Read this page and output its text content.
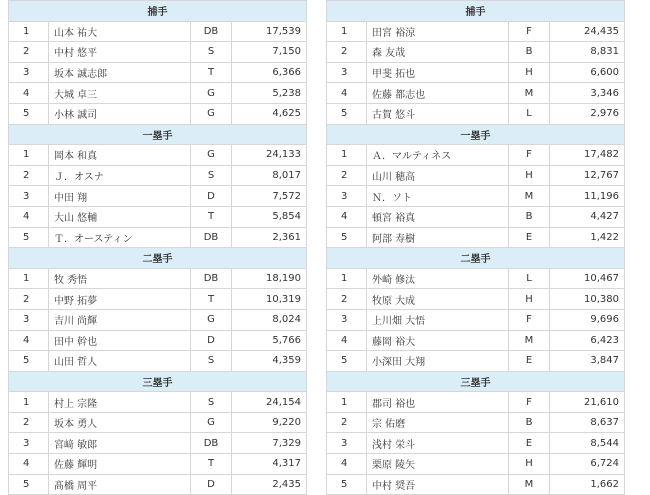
捕手			
1	山本 祐大	DB	17,539
2	中村 悠平	S	7,150
3	坂本 誠志郎	T	6,366
4	大城 卓三	G	5,238
5	小林 誠司	G	4,625
一塁手			
1	岡本 和真	G	24,133
2	Ｊ．オスナ	S	8,017
3	中田 翔	D	7,572
4	大山 悠輔	T	5,854
5	Ｔ．オースティン	DB	2,361
二塁手			
1	牧 秀悟	DB	18,190
2	中野 拓夢	T	10,319
3	吉川 尚輝	G	8,024
4	田中 幹也	D	5,766
5	山田 哲人	S	4,359
三塁手			
1	村上 宗隆	S	24,154
2	坂本 勇人	G	9,220
3	宮﨑 敏郎	DB	7,329
4	佐藤 輝明	T	4,317
5	髙橋 周平	D	2,435
捕手			
1	田宮 裕涼	F	24,435
2	森 友哉	B	8,831
3	甲斐 拓也	H	6,600
4	佐藤 都志也	M	3,346
5	古賀 悠斗	L	2,976
一塁手			
1	Ａ．マルティネス	F	17,482
2	山川 穂高	H	12,767
3	Ｎ．ソト	M	11,196
4	頓宮 裕真	B	4,427
5	阿部 寿樹	E	1,422
二塁手			
1	外崎 修汰	L	10,467
2	牧原 大成	H	10,380
3	上川畑 大悟	F	9,696
4	藤岡 裕大	M	6,423
5	小深田 大翔	E	3,847
三塁手			
1	郡司 裕也	F	21,610
2	宗 佑磨	B	8,637
3	浅村 栄斗	E	8,544
4	栗原 陵矢	H	6,724
5	中村 奨吾	M	1,662
